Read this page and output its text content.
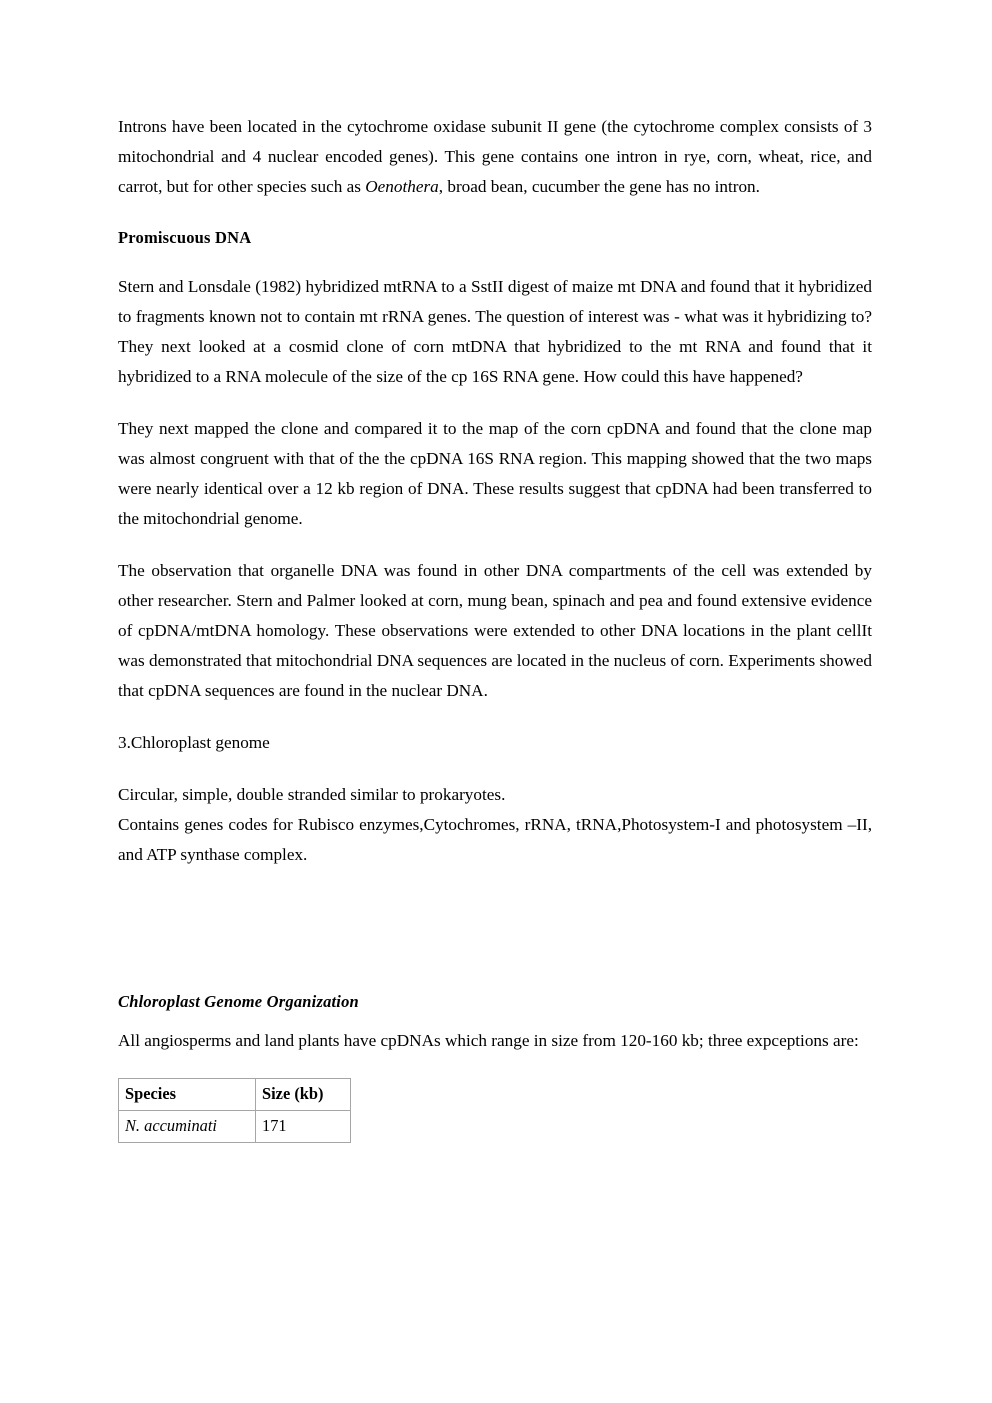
Introns have been located in the cytochrome oxidase subunit II gene (the cytochrome complex consists of 3 mitochondrial and 4 nuclear encoded genes). This gene contains one intron in rye, corn, wheat, rice, and carrot, but for other species such as Oenothera, broad bean, cucumber the gene has no intron.

Promiscuous DNA

Stern and Lonsdale (1982) hybridized mtRNA to a SstII digest of maize mt DNA and found that it hybridized to fragments known not to contain mt rRNA genes. The question of interest was - what was it hybridizing to? They next looked at a cosmid clone of corn mtDNA that hybridized to the mt RNA and found that it hybridized to a RNA molecule of the size of the cp 16S RNA gene. How could this have happened?

They next mapped the clone and compared it to the map of the corn cpDNA and found that the clone map was almost congruent with that of the the cpDNA 16S RNA region. This mapping showed that the two maps were nearly identical over a 12 kb region of DNA. These results suggest that cpDNA had been transferred to the mitochondrial genome.

The observation that organelle DNA was found in other DNA compartments of the cell was extended by other researcher. Stern and Palmer looked at corn, mung bean, spinach and pea and found extensive evidence of cpDNA/mtDNA homology. These observations were extended to other DNA locations in the plant cellIt was demonstrated that mitochondrial DNA sequences are located in the nucleus of corn. Experiments showed that cpDNA sequences are found in the nuclear DNA.

3.Chloroplast genome

Circular, simple, double stranded similar to prokaryotes.
Contains genes codes for Rubisco enzymes,Cytochromes, rRNA, tRNA,Photosystem-I and photosystem –II, and ATP synthase complex.
Chloroplast Genome Organization

All angiosperms and land plants have cpDNAs which range in size from 120-160 kb; three expceptions are:

Species	Size (kb)
N. accuminati	171
